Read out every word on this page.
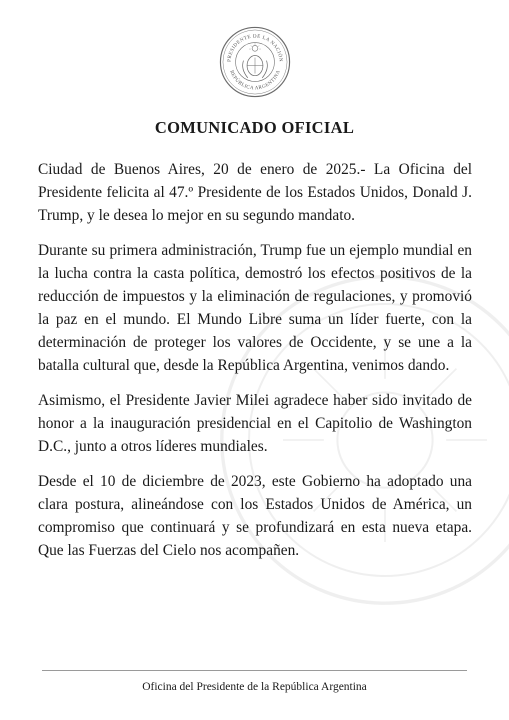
PRESIDENTE DE LA NACIÓN
REPÚBLICA ARGENTINA
COMUNICADO OFICIAL

Ciudad de Buenos Aires, 20 de enero de 2025.- La Oficina del Presidente felicita al 47.º Presidente de los Estados Unidos, Donald J. Trump, y le desea lo mejor en su segundo mandato.

Durante su primera administración, Trump fue un ejemplo mundial en la lucha contra la casta política, demostró los efectos positivos de la reducción de impuestos y la eliminación de regulaciones, y promovió la paz en el mundo. El Mundo Libre suma un líder fuerte, con la determinación de proteger los valores de Occidente, y se une a la batalla cultural que, desde la República Argentina, venimos dando.

Asimismo, el Presidente Javier Milei agradece haber sido invitado de honor a la inauguración presidencial en el Capitolio de Washington D.C., junto a otros líderes mundiales.

Desde el 10 de diciembre de 2023, este Gobierno ha adoptado una clara postura, alineándose con los Estados Unidos de América, un compromiso que continuará y se profundizará en esta nueva etapa. Que las Fuerzas del Cielo nos acompañen.

Oficina del Presidente de la República Argentina
